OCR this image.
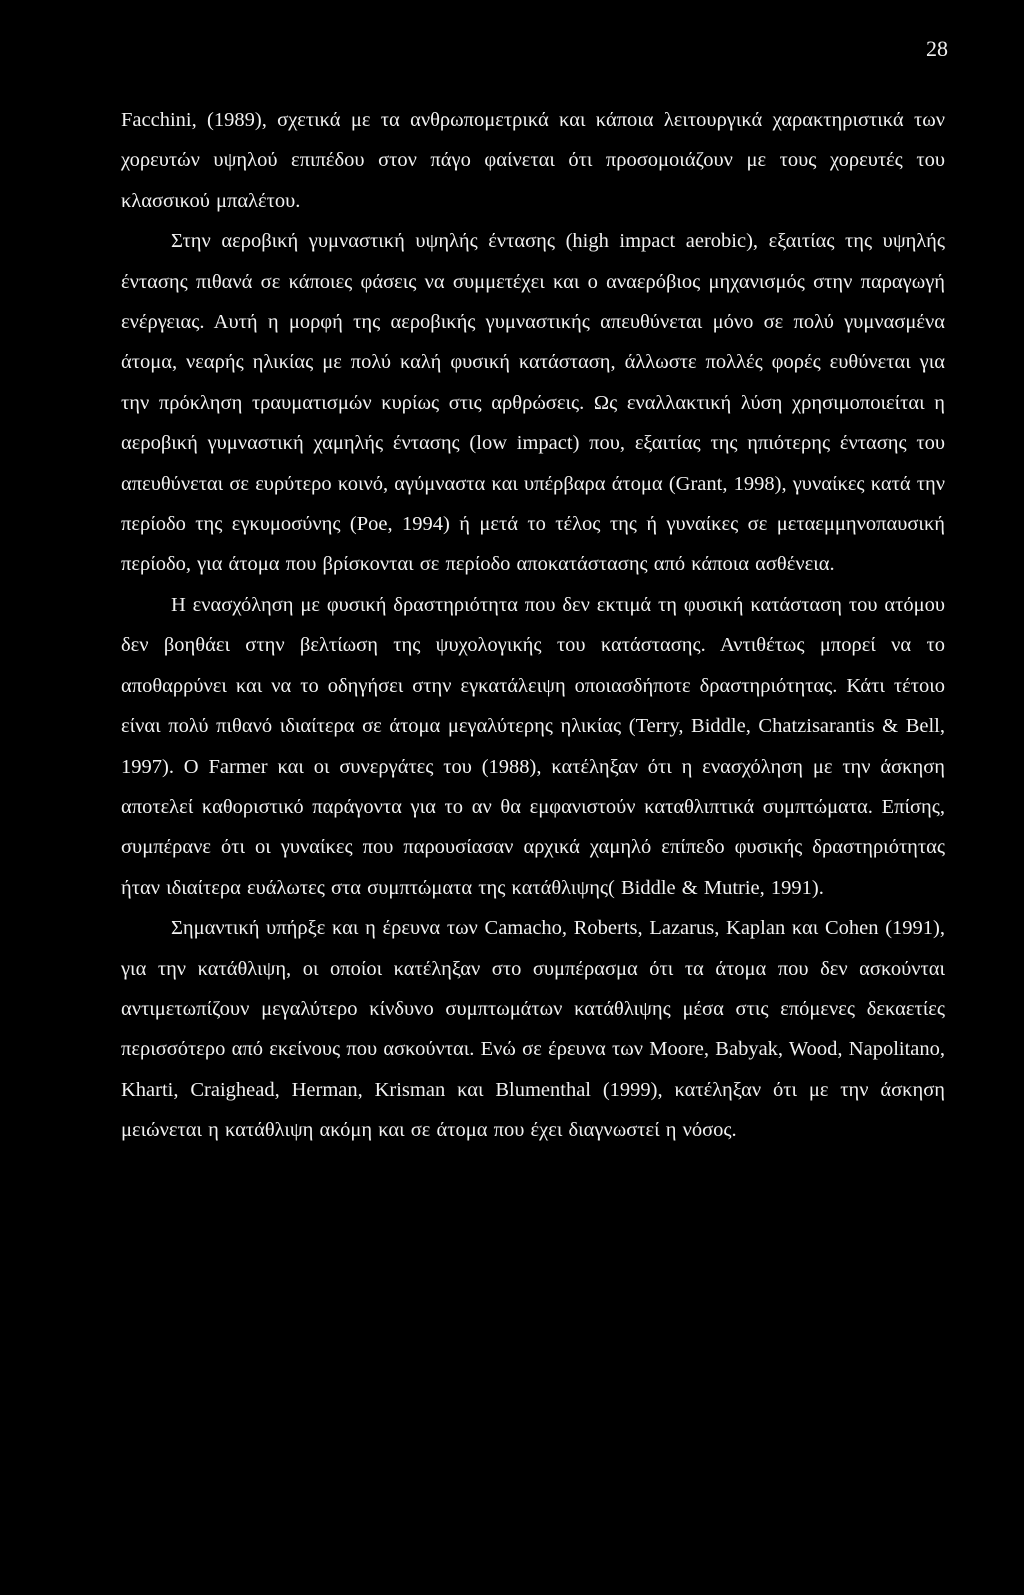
28

Facchini, (1989), σχετικά με τα ανθρωπομετρικά και κάποια λειτουργικά χαρακτηριστικά των χορευτών υψηλού επιπέδου στον πάγο φαίνεται ότι προσομοιάζουν με τους χορευτές του κλασσικού μπαλέτου.

Στην αεροβική γυμναστική υψηλής έντασης (high impact aerobic), εξαιτίας της υψηλής έντασης πιθανά σε κάποιες φάσεις να συμμετέχει και ο αναερόβιος μηχανισμός στην παραγωγή ενέργειας. Αυτή η μορφή της αεροβικής γυμναστικής απευθύνεται μόνο σε πολύ γυμνασμένα άτομα, νεαρής ηλικίας με πολύ καλή φυσική κατάσταση, άλλωστε πολλές φορές ευθύνεται για την πρόκληση τραυματισμών κυρίως στις αρθρώσεις. Ως εναλλακτική λύση χρησιμοποιείται η αεροβική γυμναστική χαμηλής έντασης (low impact) που, εξαιτίας της ηπιότερης έντασης του απευθύνεται σε ευρύτερο κοινό, αγύμναστα και υπέρβαρα άτομα (Grant, 1998), γυναίκες κατά την περίοδο της εγκυμοσύνης (Poe, 1994) ή μετά το τέλος της ή γυναίκες σε μεταεμμηνοπαυσική περίοδο, για άτομα που βρίσκονται σε περίοδο αποκατάστασης από κάποια ασθένεια.

Η ενασχόληση με φυσική δραστηριότητα που δεν εκτιμά τη φυσική κατάσταση του ατόμου δεν βοηθάει στην βελτίωση της ψυχολογικής του κατάστασης. Αντιθέτως μπορεί να το αποθαρρύνει και να το οδηγήσει στην εγκατάλειψη οποιασδήποτε δραστηριότητας. Κάτι τέτοιο είναι πολύ πιθανό ιδιαίτερα σε άτομα μεγαλύτερης ηλικίας (Terry, Biddle, Chatzisarantis & Bell, 1997). Ο Farmer και οι συνεργάτες του (1988), κατέληξαν ότι η ενασχόληση με την άσκηση αποτελεί καθοριστικό παράγοντα για το αν θα εμφανιστούν καταθλιπτικά συμπτώματα. Επίσης, συμπέρανε ότι οι γυναίκες που παρουσίασαν αρχικά χαμηλό επίπεδο φυσικής δραστηριότητας ήταν ιδιαίτερα ευάλωτες στα συμπτώματα της κατάθλιψης( Biddle & Mutrie, 1991).

Σημαντική υπήρξε και η έρευνα των Camacho, Roberts, Lazarus, Kaplan και Cohen (1991), για την κατάθλιψη, οι οποίοι κατέληξαν στο συμπέρασμα ότι τα άτομα που δεν ασκούνται αντιμετωπίζουν μεγαλύτερο κίνδυνο συμπτωμάτων κατάθλιψης μέσα στις επόμενες δεκαετίες περισσότερο από εκείνους που ασκούνται. Ενώ σε έρευνα των Moore, Babyak, Wood, Napolitano, Kharti, Craighead, Herman, Krisman και Blumenthal (1999), κατέληξαν ότι με την άσκηση μειώνεται η κατάθλιψη ακόμη και σε άτομα που έχει διαγνωστεί η νόσος.
